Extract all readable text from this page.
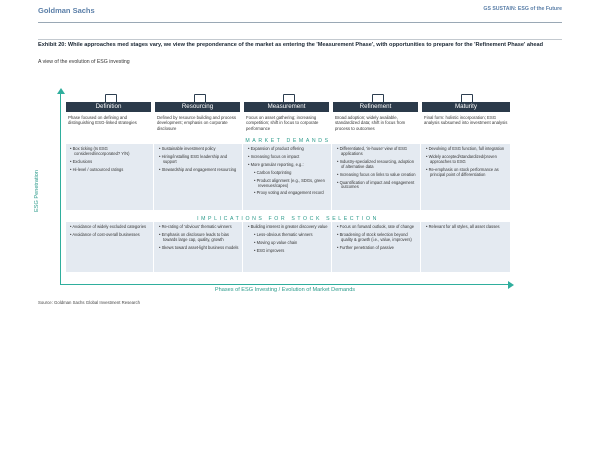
Goldman Sachs	GS SUSTAIN: ESG of the Future
Exhibit 20: While approaches med stages vary, we view the preponderance of the market as entering the 'Measurement Phase', with opportunities to prepare for the 'Refinement Phase' ahead
A view of the evolution of ESG investing
ESG Penetration
Phases of ESG Investing / Evolution of Market Demands
Definition
Phase focused on defining and distinguishing ESG-linked strategies
Resourcing
Defined by resource building and process development; emphasis on corporate disclosure
Measurement
Focus on asset gathering; increasing competition; shift in focus to corporate performance
Refinement
Broad adoption; widely available, standardized data; shift in focus from process to outcomes
Maturity
Final form: holistic incorporation; ESG analysis subsumed into investment analysis
MARKET DEMANDS
• Box ticking (Is ESG considered/incorporated? Y/N)
• Exclusions
• Hi-level / outsourced ratings
• Sustainable investment policy
• Hiring/installing ESG leadership and support
• Stewardship and engagement resourcing
• Expansion of product offering
• Increasing focus on impact
• More granular reporting, e.g.:
• Carbon footprinting
• Product alignment (e.g., SDGs, green revenues/capex)
• Proxy voting and engagement record
• Differentiated, 'in-house' view of ESG applications
• Industry-specialized resourcing, adoption of alternative data
• Increasing focus on links to value creation
• Quantification of impact and engagement outcomes
• Devolving of ESG function, full integration
• Widely accepted/standardized/proven approaches to ESG
• Re-emphasis on stock performance as principal point of differentiation
IMPLICATIONS FOR STOCK SELECTION
• Avoidance of widely excluded categories
• Avoidance of cost-overall businesses
• Re-rating of 'obvious' thematic winners
• Emphasis on disclosure leads to bias towards large cap, quality, growth
• Skews toward asset-light business models
• Building interest in greater discovery value
• Less-obvious thematic winners
• Moving up value chain
• ESG improvers
• Focus on forward outlook, rate of change
• Broadening of stock selection beyond quality & growth (i.e., value, improvers)
• Further penetration of passive
• Relevant for all styles, all asset classes
Source: Goldman Sachs Global Investment Research
